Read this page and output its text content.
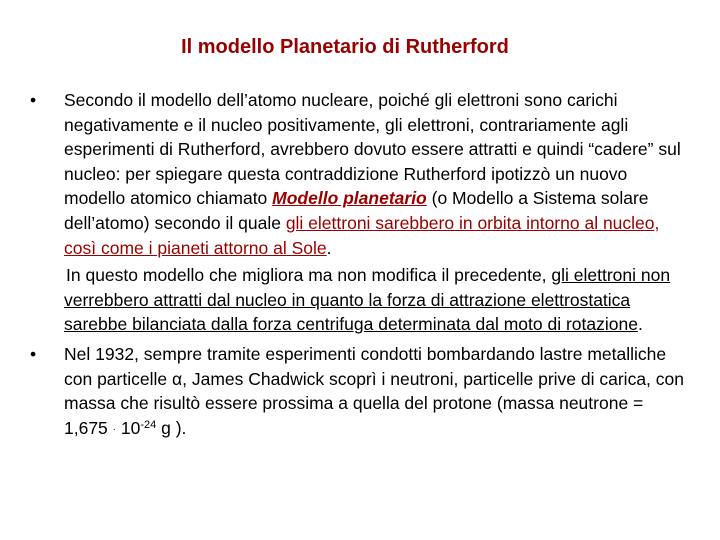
Il modello Planetario di Rutherford

• Secondo il modello dell’atomo nucleare, poiché gli elettroni sono carichi negativamente e il nucleo positivamente, gli elettroni, contrariamente agli esperimenti di Rutherford, avrebbero dovuto essere attratti e quindi “cadere” sul nucleo: per spiegare questa contraddizione Rutherford ipotizzò un nuovo modello atomico chiamato Modello planetario (o Modello a Sistema solare dell’atomo) secondo il quale gli elettroni sarebbero in orbita intorno al nucleo, così come i pianeti attorno al Sole.

In questo modello che migliora ma non modifica il precedente, gli elettroni non verrebbero attratti dal nucleo in quanto la forza di attrazione elettrostatica sarebbe bilanciata dalla forza centrifuga determinata dal moto di rotazione.

• Nel 1932, sempre tramite esperimenti condotti bombardando lastre metalliche con particelle α, James Chadwick scoprì i neutroni, particelle prive di carica, con massa che risultò essere prossima a quella del protone (massa neutrone = $1,675 \cdot 10^{-24}$ g ).
